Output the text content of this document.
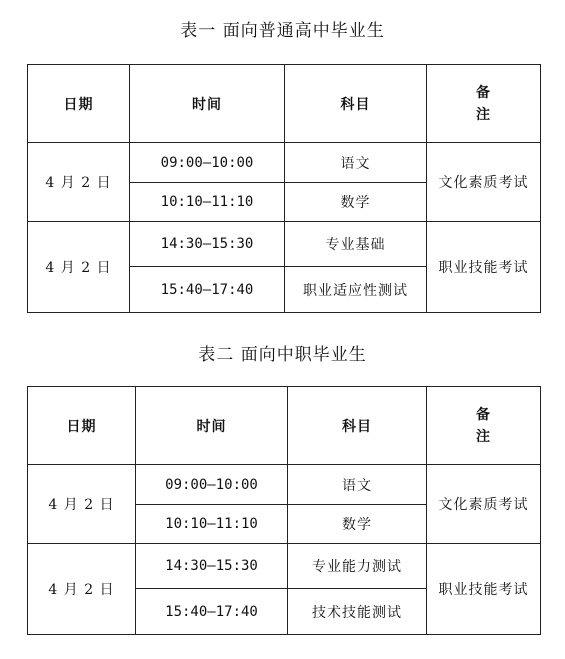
表一 面向普通高中毕业生
日期	时间	科目	备
注

4 月 2 日	09:00—10:00	语文	文化素质考试
	10:10—11:10	数学	
4 月 2 日	14:30—15:30	专业基础	职业技能考试
	15:40—17:40	职业适应性测试	
表二 面向中职毕业生
日期	时间	科目	备
注

4 月 2 日	09:00—10:00	语文	文化素质考试
	10:10—11:10	数学	
4 月 2 日	14:30—15:30	专业能力测试	职业技能考试
	15:40—17:40	技术技能测试	
